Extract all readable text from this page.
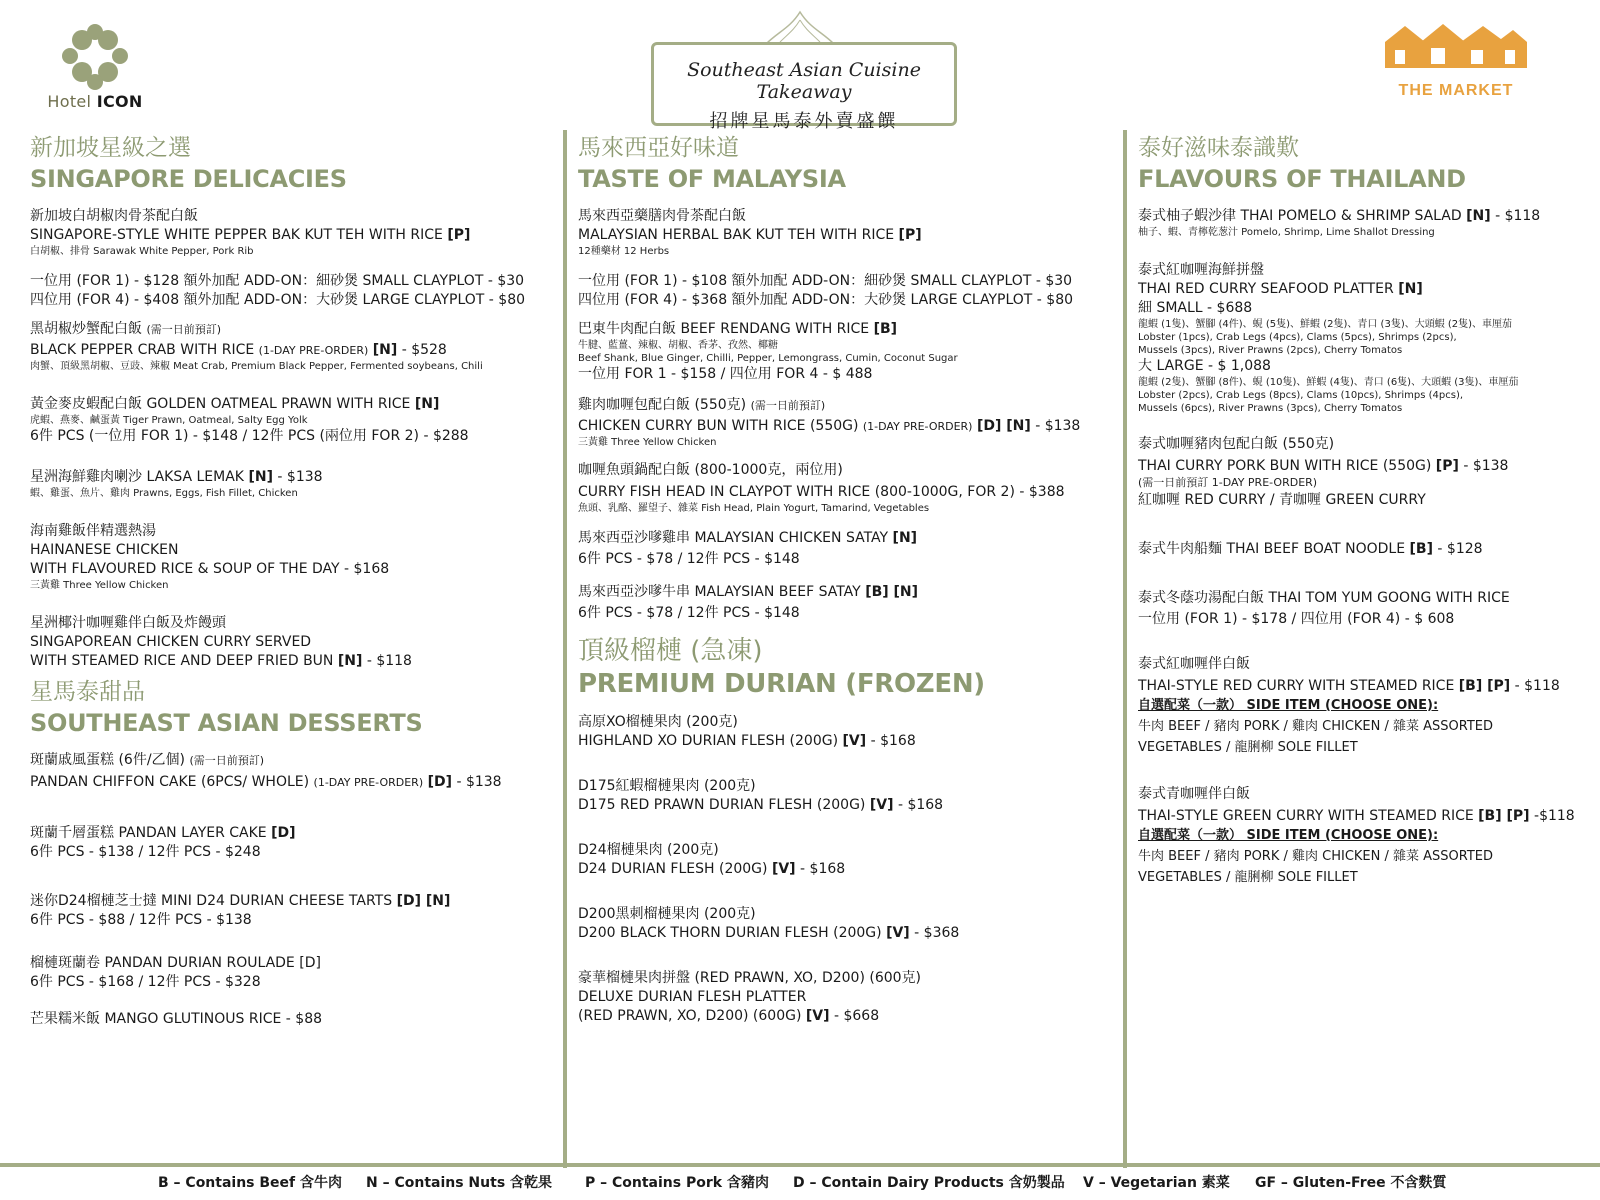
Hotel ICON
Southeast Asian Cuisine Takeaway
招牌星馬泰外賣盛饌
THE MARKET
新加坡星級之選
SINGAPORE DELICACIES
新加坡白胡椒肉骨茶配白飯
SINGAPORE-STYLE WHITE PEPPER BAK KUT TEH WITH RICE [P]
白胡椒、排骨 Sarawak White Pepper, Pork Rib
一位用 (FOR 1) - $128 額外加配 ADD-ON：細砂煲 SMALL CLAYPLOT - $30
四位用 (FOR 4) - $408 額外加配 ADD-ON：大砂煲 LARGE CLAYPLOT - $80
黑胡椒炒蟹配白飯 (需一日前預訂)
BLACK PEPPER CRAB WITH RICE (1-DAY PRE-ORDER) [N] - $528
肉蟹、頂級黑胡椒、豆豉、辣椒 Meat Crab, Premium Black Pepper, Fermented soybeans, Chili
黃金麥皮蝦配白飯 GOLDEN OATMEAL PRAWN WITH RICE [N]
虎蝦、燕麥、鹹蛋黃 Tiger Prawn, Oatmeal, Salty Egg Yolk
6件 PCS (一位用 FOR 1) - $148 / 12件 PCS (兩位用 FOR 2) - $288
星洲海鮮雞肉喇沙 LAKSA LEMAK [N] - $138
蝦、雞蛋、魚片、雞肉 Prawns, Eggs, Fish Fillet, Chicken
海南雞飯伴精選熱湯
HAINANESE CHICKEN
WITH FLAVOURED RICE & SOUP OF THE DAY - $168
三黃雞 Three Yellow Chicken
星洲椰汁咖喱雞伴白飯及炸饅頭
SINGAPOREAN CHICKEN CURRY SERVED
WITH STEAMED RICE AND DEEP FRIED BUN [N] - $118
星馬泰甜品
SOUTHEAST ASIAN DESSERTS
斑蘭戚風蛋糕 (6件/乙個) (需一日前預訂)
PANDAN CHIFFON CAKE (6PCS/ WHOLE) (1-DAY PRE-ORDER) [D] - $138
斑蘭千層蛋糕 PANDAN LAYER CAKE [D]
6件 PCS - $138 / 12件 PCS - $248
迷你D24榴槤芝士撻 MINI D24 DURIAN CHEESE TARTS [D] [N]
6件 PCS - $88 / 12件 PCS - $138
榴槤斑蘭卷 PANDAN DURIAN ROULADE [D]
6件 PCS - $168 / 12件 PCS - $328
芒果糯米飯 MANGO GLUTINOUS RICE - $88
馬來西亞好味道
TASTE OF MALAYSIA
馬來西亞藥膳肉骨茶配白飯
MALAYSIAN HERBAL BAK KUT TEH WITH RICE [P]
12種藥材 12 Herbs
一位用 (FOR 1) - $108 額外加配 ADD-ON：細砂煲 SMALL CLAYPLOT - $30
四位用 (FOR 4) - $368 額外加配 ADD-ON：大砂煲 LARGE CLAYPLOT - $80
巴東牛肉配白飯 BEEF RENDANG WITH RICE [B]
牛腱、藍薑、辣椒、胡椒、香茅、孜然、椰糖
Beef Shank, Blue Ginger, Chilli, Pepper, Lemongrass, Cumin, Coconut Sugar
一位用 FOR 1 - $158 / 四位用 FOR 4 - $ 488
雞肉咖喱包配白飯 (550克) (需一日前預訂)
CHICKEN CURRY BUN WITH RICE (550G) (1-DAY PRE-ORDER) [D] [N] - $138
三黃雞 Three Yellow Chicken
咖喱魚頭鍋配白飯 (800-1000克，兩位用)
CURRY FISH HEAD IN CLAYPOT WITH RICE (800-1000G, FOR 2) - $388
魚頭、乳酪、羅望子、雜菜 Fish Head, Plain Yogurt, Tamarind, Vegetables
馬來西亞沙嗲雞串 MALAYSIAN CHICKEN SATAY [N]
6件 PCS - $78 / 12件 PCS - $148
馬來西亞沙嗲牛串 MALAYSIAN BEEF SATAY [B] [N]
6件 PCS - $78 / 12件 PCS - $148
頂級榴槤 (急凍)
PREMIUM DURIAN (FROZEN)
高原XO榴槤果肉 (200克)
HIGHLAND XO DURIAN FLESH (200G) [V] - $168
D175紅蝦榴槤果肉 (200克)
D175 RED PRAWN DURIAN FLESH (200G) [V] - $168
D24榴槤果肉 (200克)
D24 DURIAN FLESH (200G) [V] - $168
D200黑刺榴槤果肉 (200克)
D200 BLACK THORN DURIAN FLESH (200G) [V] - $368
豪華榴槤果肉拼盤 (RED PRAWN, XO, D200) (600克)
DELUXE DURIAN FLESH PLATTER
(RED PRAWN, XO, D200) (600G) [V] - $668
泰好滋味泰識歎
FLAVOURS OF THAILAND
泰式柚子蝦沙律 THAI POMELO & SHRIMP SALAD [N] - $118
柚子、蝦、青檸乾葱汁 Pomelo, Shrimp, Lime Shallot Dressing
泰式紅咖喱海鮮拼盤
THAI RED CURRY SEAFOOD PLATTER [N]
細 SMALL - $688
龍蝦 (1隻)、蟹腳 (4件)、蜆 (5隻)、鮮蝦 (2隻)、青口 (3隻)、大頭蝦 (2隻)、車厘茄
Lobster (1pcs), Crab Legs (4pcs), Clams (5pcs), Shrimps (2pcs),
Mussels (3pcs), River Prawns (2pcs), Cherry Tomatos
大 LARGE - $ 1,088
龍蝦 (2隻)、蟹腳 (8件)、蜆 (10隻)、鮮蝦 (4隻)、青口 (6隻)、大頭蝦 (3隻)、車厘茄
Lobster (2pcs), Crab Legs (8pcs), Clams (10pcs), Shrimps (4pcs),
Mussels (6pcs), River Prawns (3pcs), Cherry Tomatos
泰式咖喱豬肉包配白飯 (550克)
THAI CURRY PORK BUN WITH RICE (550G) [P] - $138
(需一日前預訂 1-DAY PRE-ORDER)
紅咖喱 RED CURRY / 青咖喱 GREEN CURRY
泰式牛肉船麵 THAI BEEF BOAT NOODLE [B] - $128
泰式冬蔭功湯配白飯 THAI TOM YUM GOONG WITH RICE
一位用 (FOR 1) - $178 / 四位用 (FOR 4) - $ 608
泰式紅咖喱伴白飯
THAI-STYLE RED CURRY WITH STEAMED RICE [B] [P] - $118
自選配菜（一款） SIDE ITEM (CHOOSE ONE):
牛肉 BEEF / 豬肉 PORK / 雞肉 CHICKEN / 雜菜 ASSORTED
VEGETABLES / 龍脷柳 SOLE FILLET
泰式青咖喱伴白飯
THAI-STYLE GREEN CURRY WITH STEAMED RICE [B] [P] -$118
自選配菜（一款） SIDE ITEM (CHOOSE ONE):
牛肉 BEEF / 豬肉 PORK / 雞肉 CHICKEN / 雜菜 ASSORTED
VEGETABLES / 龍脷柳 SOLE FILLET
B – Contains Beef 含牛肉 N – Contains Nuts 含乾果 P – Contains Pork 含豬肉 D – Contain Dairy Products 含奶製品 V – Vegetarian 素菜 GF – Gluten-Free 不含麩質
